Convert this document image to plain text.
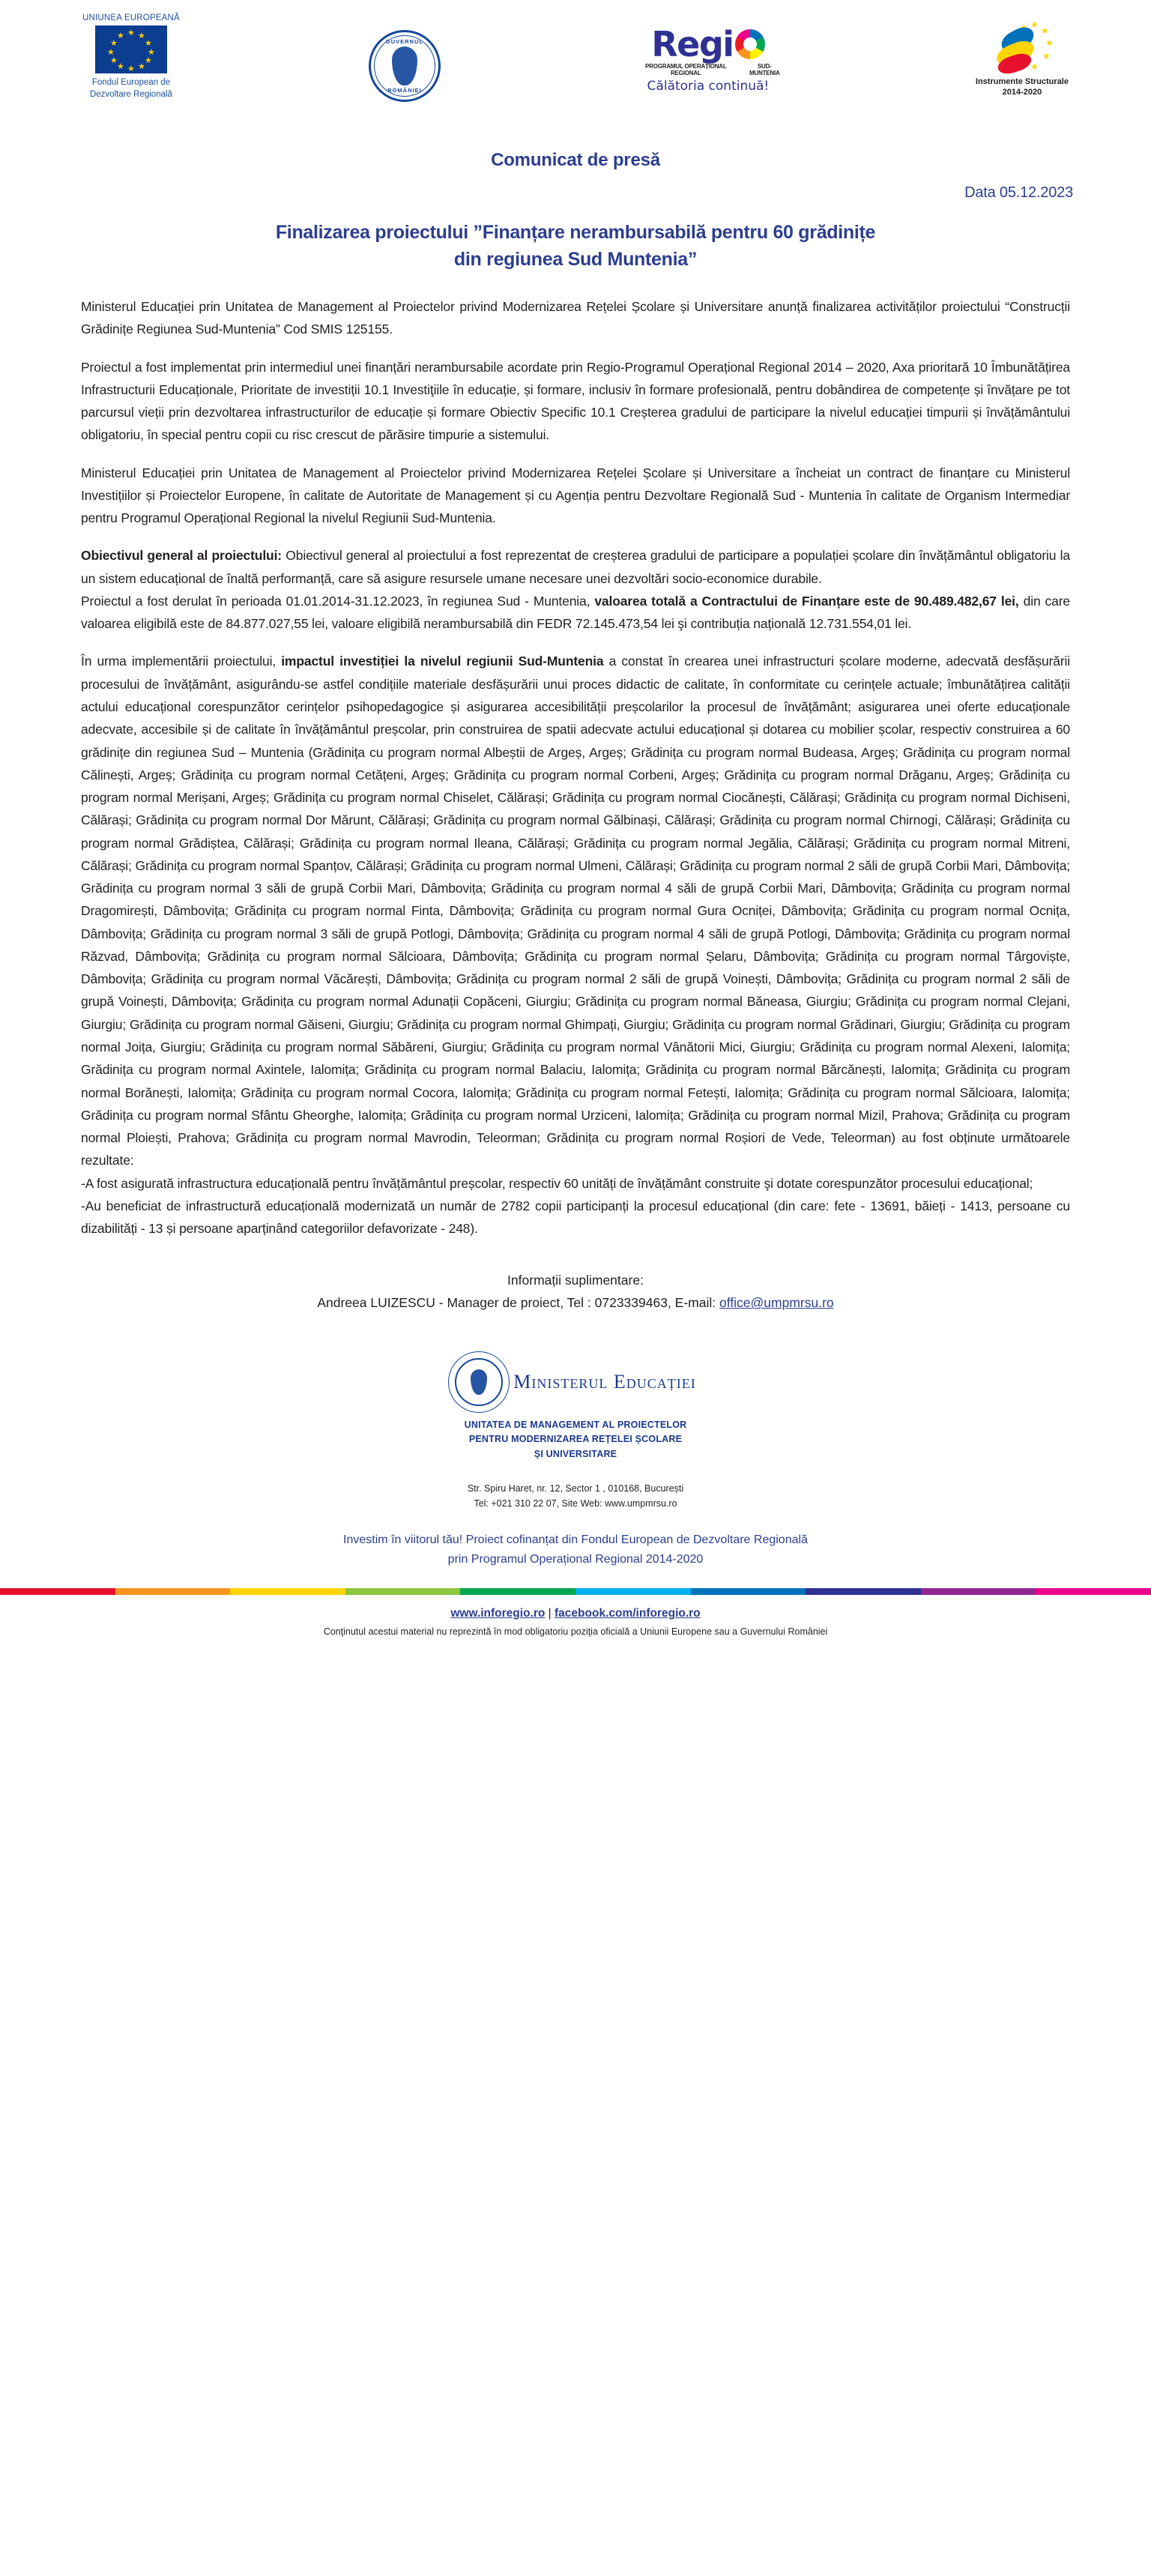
UNIUNEA EUROPEANĂ
★ ★
★
★
★
★
★
★
★
★
★
★
Fondul European de
Dezvoltare Regională
GUVERNUL
ROMÂNIEI
Regi
PROGRAMUL OPERAȚIONAL REGIONAL
SUD-MUNTENIA
Călătoria continuă!
★
★
★
★
★
Instrumente Structurale
2014-2020
Comunicat de presă
Data 05.12.2023
Finalizarea proiectului ”Finanțare nerambursabilă pentru 60 grădinițe
din regiunea Sud Muntenia”

Ministerul Educației prin Unitatea de Management al Proiectelor privind Modernizarea Rețelei Școlare și Universitare anunță finalizarea activităților proiectului “Construcții Grădinițe Regiunea Sud-Muntenia” Cod SMIS 125155.

Proiectul a fost implementat prin intermediul unei finanțări nerambursabile acordate prin Regio-Programul Operațional Regional 2014 – 2020, Axa prioritară 10 Îmbunătățirea Infrastructurii Educaționale, Prioritate de investiții 10.1 Investiţiile în educație, și formare, inclusiv în formare profesională, pentru dobândirea de competențe și învățare pe tot parcursul vieții prin dezvoltarea infrastructurilor de educație și formare Obiectiv Specific 10.1 Creșterea gradului de participare la nivelul educației timpurii și învățământului obligatoriu, în special pentru copii cu risc crescut de părăsire timpurie a sistemului.

Ministerul Educației prin Unitatea de Management al Proiectelor privind Modernizarea Rețelei Școlare și Universitare a încheiat un contract de finanțare cu Ministerul Investițiilor și Proiectelor Europene, în calitate de Autoritate de Management și cu Agenția pentru Dezvoltare Regională Sud - Muntenia în calitate de Organism Intermediar pentru Programul Operațional Regional la nivelul Regiunii Sud-Muntenia.

Obiectivul general al proiectului: Obiectivul general al proiectului a fost reprezentat de creșterea gradului de participare a populației școlare din învățământul obligatoriu la un sistem educațional de înaltă performanță, care să asigure resursele umane necesare unei dezvoltări socio-economice durabile.

Proiectul a fost derulat în perioada 01.01.2014-31.12.2023, în regiunea Sud - Muntenia, valoarea totală a Contractului de Finanțare este de 90.489.482,67 lei, din care valoarea eligibilă este de 84.877.027,55 lei, valoare eligibilă nerambursabilă din FEDR 72.145.473,54 lei şi contribuția națională 12.731.554,01 lei.

În urma implementării proiectului, impactul investiției la nivelul regiunii Sud-Muntenia a constat în crearea unei infrastructuri școlare moderne, adecvată desfășurării procesului de învățământ, asigurându-se astfel condițiile materiale desfășurării unui proces didactic de calitate, în conformitate cu cerințele actuale; îmbunătățirea calității actului educațional corespunzător cerințelor psihopedagogice și asigurarea accesibilității preșcolarilor la procesul de învățământ; asigurarea unei oferte educaționale adecvate, accesibile și de calitate în învățământul preșcolar, prin construirea de spatii adecvate actului educațional și dotarea cu mobilier școlar, respectiv construirea a 60 grădinițe din regiunea Sud – Muntenia (Grădinița cu program normal Albeștii de Argeș, Argeș; Grădinița cu program normal Budeasa, Argeş; Grădinița cu program normal Călinești, Argeș; Grădinița cu program normal Cetățeni, Argeș; Grădinița cu program normal Corbeni, Argeș; Grădinița cu program normal Drăganu, Argeș; Grădinița cu program normal Merișani, Argeș; Grădinița cu program normal Chiselet, Călărași; Grădinița cu program normal Ciocănești, Călărași; Grădinița cu program normal Dichiseni, Călărași; Grădinița cu program normal Dor Mărunt, Călărași; Grădinița cu program normal Gălbinași, Călărași; Grădinița cu program normal Chirnogi, Călărași; Grădinița cu program normal Grădiștea, Călărași; Grădinița cu program normal Ileana, Călărași; Grădinița cu program normal Jegălia, Călărași; Grădinița cu program normal Mitreni, Călărași; Grădinița cu program normal Spanțov, Călărași; Grădinița cu program normal Ulmeni, Călărași; Grădinița cu program normal 2 săli de grupă Corbii Mari, Dâmbovița; Grădinița cu program normal 3 săli de grupă Corbii Mari, Dâmbovița; Grădinița cu program normal 4 săli de grupă Corbii Mari, Dâmbovița; Grădinița cu program normal Dragomirești, Dâmbovița; Grădinița cu program normal Finta, Dâmbovița; Grădinița cu program normal Gura Ocniței, Dâmbovița; Grădinița cu program normal Ocnița, Dâmbovița; Grădinița cu program normal 3 săli de grupă Potlogi, Dâmbovița; Grădinița cu program normal 4 săli de grupă Potlogi, Dâmbovița; Grădinița cu program normal Răzvad, Dâmbovița; Grădinița cu program normal Sălcioara, Dâmbovița; Grădinița cu program normal Șelaru, Dâmbovița; Grădinița cu program normal Târgoviște, Dâmbovița; Grădinița cu program normal Văcărești, Dâmbovița; Grădinița cu program normal 2 săli de grupă Voinești, Dâmbovița; Grădinița cu program normal 2 săli de grupă Voinești, Dâmbovița; Grădinița cu program normal Adunații Copăceni, Giurgiu; Grădinița cu program normal Băneasa, Giurgiu; Grădinița cu program normal Clejani, Giurgiu; Grădinița cu program normal Găiseni, Giurgiu; Grădinița cu program normal Ghimpați, Giurgiu; Grădinița cu program normal Grădinari, Giurgiu; Grădinița cu program normal Joița, Giurgiu; Grădinița cu program normal Săbăreni, Giurgiu; Grădinița cu program normal Vânătorii Mici, Giurgiu; Grădinița cu program normal Alexeni, Ialomița; Grădinița cu program normal Axintele, Ialomița; Grădinița cu program normal Balaciu, Ialomița; Grădinița cu program normal Bărcănești, Ialomița; Grădinița cu program normal Borănești, Ialomița; Grădinița cu program normal Cocora, Ialomița; Grădinița cu program normal Fetești, Ialomița; Grădinița cu program normal Sălcioara, Ialomița; Grădinița cu program normal Sfântu Gheorghe, Ialomița; Grădinița cu program normal Urziceni, Ialomița; Grădinița cu program normal Mizil, Prahova; Grădinița cu program normal Ploiești, Prahova; Grădinița cu program normal Mavrodin, Teleorman; Grădinița cu program normal Roșiori de Vede, Teleorman) au fost obținute următoarele rezultate:

-A fost asigurată infrastructura educațională pentru învățământul preșcolar, respectiv 60 unități de învățământ construite şi dotate corespunzător procesului educațional;

-Au beneficiat de infrastructură educațională modernizată un număr de 2782 copii participanți la procesul educațional (din care: fete - 13691, băieți - 1413, persoane cu dizabilități - 13 și persoane aparținând categoriilor defavorizate - 248).

Informații suplimentare:
Andreea LUIZESCU - Manager de proiect, Tel : 0723339463, E-mail: office@umpmrsu.ro
Ministerul Educației
UNITATEA DE MANAGEMENT AL PROIECTELOR
PENTRU MODERNIZAREA REȚELEI ȘCOLARE
ȘI UNIVERSITARE
Str. Spiru Haret, nr. 12, Sector 1 , 010168, București
Tel: +021 310 22 07, Site Web: www.umpmrsu.ro
Investim în viitorul tău! Proiect cofinanțat din Fondul European de Dezvoltare Regională
prin Programul Operațional Regional 2014-2020
www.inforegio.ro | facebook.com/inforegio.ro
Conţinutul acestui material nu reprezintă în mod obligatoriu poziţia oficială a Uniunii Europene sau a Guvernului României
